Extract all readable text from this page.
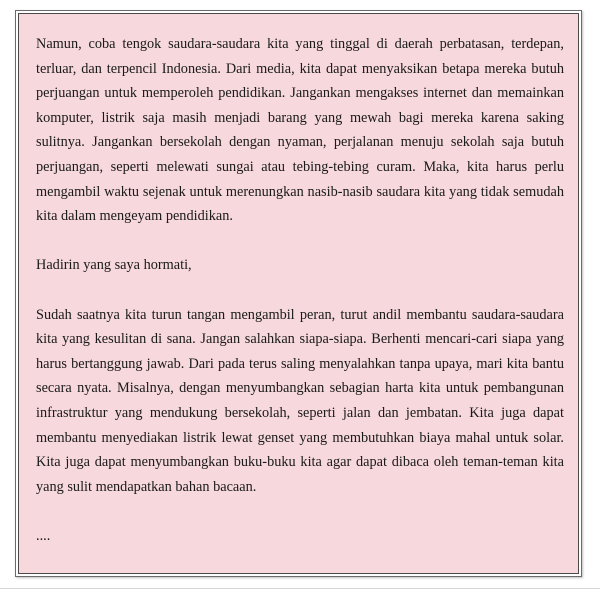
Namun, coba tengok saudara-saudara kita yang tinggal di daerah perbatasan, terdepan, terluar, dan terpencil Indonesia. Dari media, kita dapat menyaksikan betapa mereka butuh perjuangan untuk memperoleh pendidikan. Jangankan mengakses internet dan memainkan komputer, listrik saja masih menjadi barang yang mewah bagi mereka karena saking sulitnya. Jangankan bersekolah dengan nyaman, perjalanan menuju sekolah saja butuh perjuangan, seperti melewati sungai atau tebing-tebing curam. Maka, kita harus perlu mengambil waktu sejenak untuk merenungkan nasib-nasib saudara kita yang tidak semudah kita dalam mengeyam pendidikan.

Hadirin yang saya hormati,

Sudah saatnya kita turun tangan mengambil peran, turut andil membantu saudara-saudara kita yang kesulitan di sana. Jangan salahkan siapa-siapa. Berhenti mencari-cari siapa yang harus bertanggung jawab. Dari pada terus saling menyalahkan tanpa upaya, mari kita bantu secara nyata. Misalnya, dengan menyumbangkan sebagian harta kita untuk pembangunan infrastruktur yang mendukung bersekolah, seperti jalan dan jembatan. Kita juga dapat membantu menyediakan listrik lewat genset yang membutuhkan biaya mahal untuk solar. Kita juga dapat menyumbangkan buku-buku kita agar dapat dibaca oleh teman-teman kita yang sulit mendapatkan bahan bacaan.

....
